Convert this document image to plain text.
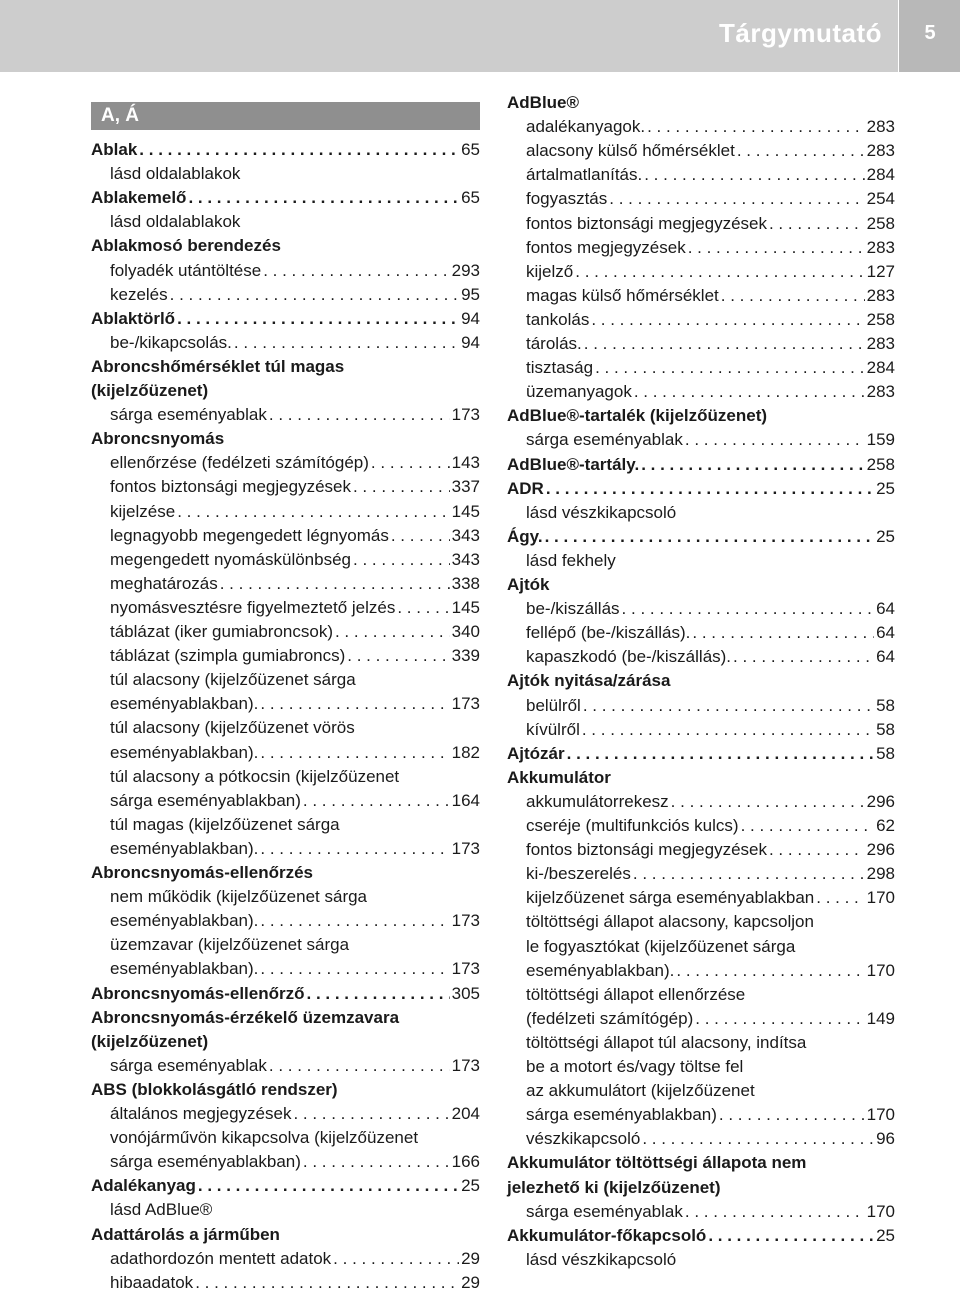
Tárgymutató	5
A, Á
Ablak . . .	65
lásd oldalablakok
Ablakemelő . . .	65
lásd oldalablakok
Ablakmosó berendezés
folyadék utántöltése . . .	293
kezelés . . .	95
Ablaktörlő . . .	94
be-/kikapcsolás. . . .	94
Abroncshőmérséklet túl magas
(kijelzőüzenet)
sárga eseményablak . . .	173
Abroncsnyomás
ellenőrzése (fedélzeti számítógép) . . .	143
fontos biztonsági megjegyzések . . .	337
kijelzése . . .	145
legnagyobb megengedett légnyomás . . .	343
megengedett nyomáskülönbség . . .	343
meghatározás . . .	338
nyomásvesztésre figyelmeztető jelzés . . .	145
táblázat (iker gumiabroncsok) . . .	340
táblázat (szimpla gumiabroncs) . . .	339
túl alacsony (kijelzőüzenet sárga
eseményablakban). . . .	173
túl alacsony (kijelzőüzenet vörös
eseményablakban). . . .	182
túl alacsony a pótkocsin (kijelzőüzenet
sárga eseményablakban) . . .	164
túl magas (kijelzőüzenet sárga
eseményablakban). . . .	173
Abroncsnyomás-ellenőrzés
nem működik (kijelzőüzenet sárga
eseményablakban). . . .	173
üzemzavar (kijelzőüzenet sárga
eseményablakban). . . .	173
Abroncsnyomás-ellenőrző . . .	305
Abroncsnyomás-érzékelő üzemzavara
(kijelzőüzenet)
sárga eseményablak . . .	173
ABS (blokkolásgátló rendszer)
általános megjegyzések . . .	204
vonójárművön kikapcsolva (kijelzőüzenet
sárga eseményablakban) . . .	166
Adalékanyag . . .	25
lásd AdBlue®
Adattárolás a járműben
adathordozón mentett adatok . . .	29
hibaadatok . . .	29
AdBlue®
adalékanyagok. . . .	283
alacsony külső hőmérséklet . . .	283
ártalmatlanítás. . . .	284
fogyasztás . . .	254
fontos biztonsági megjegyzések . . .	258
fontos megjegyzések . . .	283
kijelző . . .	127
magas külső hőmérséklet . . .	283
tankolás . . .	258
tárolás. . . .	283
tisztaság . . .	284
üzemanyagok . . .	283
AdBlue®-tartalék (kijelzőüzenet)
sárga eseményablak . . .	159
AdBlue®-tartály. . . .	258
ADR . . .	25
lásd vészkikapcsoló
Ágy. . . .	25
lásd fekhely
Ajtók
be-/kiszállás . . .	64
fellépő (be-/kiszállás). . . .	64
kapaszkodó (be-/kiszállás). . . .	64
Ajtók nyitása/zárása
belülről . . .	58
kívülről . . .	58
Ajtózár . . .	58
Akkumulátor
akkumulátorrekesz . . .	296
cseréje (multifunkciós kulcs) . . .	62
fontos biztonsági megjegyzések . . .	296
ki-/beszerelés . . .	298
kijelzőüzenet sárga eseményablakban . . .	170
töltöttségi állapot alacsony, kapcsoljon
le fogyasztókat (kijelzőüzenet sárga
eseményablakban). . . .	170
töltöttségi állapot ellenőrzése
(fedélzeti számítógép) . . .	149
töltöttségi állapot túl alacsony, indítsa
be a motort és/vagy töltse fel
az akkumulátort (kijelzőüzenet
sárga eseményablakban) . . .	170
vészkikapcsoló . . .	96
Akkumulátor töltöttségi állapota nem
jelezhető ki (kijelzőüzenet)
sárga eseményablak . . .	170
Akkumulátor-főkapcsoló . . .	25
lásd vészkikapcsoló
